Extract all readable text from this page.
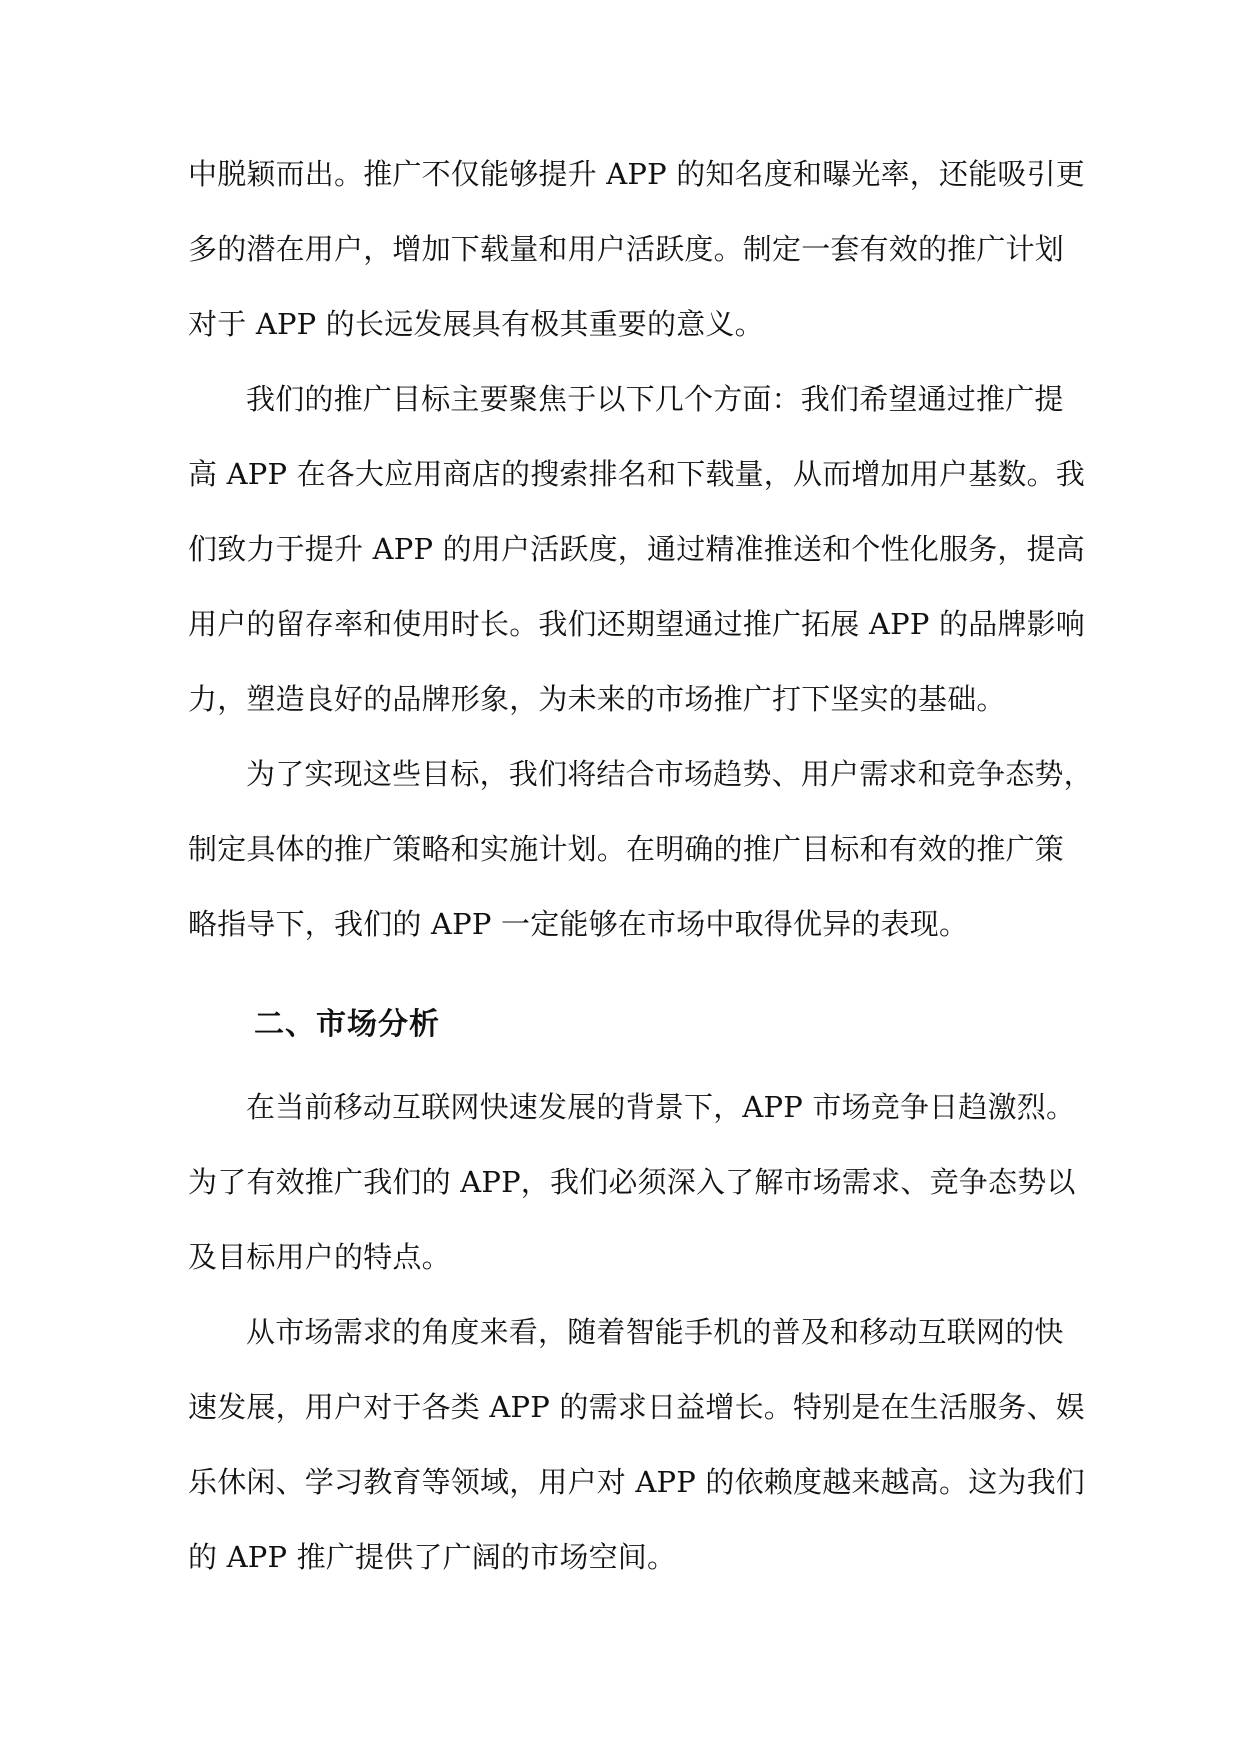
中脱颖而出。推广不仅能够提升 APP 的知名度和曝光率，还能吸引更
多的潜在用户，增加下载量和用户活跃度。制定一套有效的推广计划
对于 APP 的长远发展具有极其重要的意义。

我们的推广目标主要聚焦于以下几个方面：我们希望通过推广提
高 APP 在各大应用商店的搜索排名和下载量，从而增加用户基数。我
们致力于提升 APP 的用户活跃度，通过精准推送和个性化服务，提高
用户的留存率和使用时长。我们还期望通过推广拓展 APP 的品牌影响
力，塑造良好的品牌形象，为未来的市场推广打下坚实的基础。

为了实现这些目标，我们将结合市场趋势、用户需求和竞争态势，
制定具体的推广策略和实施计划。在明确的推广目标和有效的推广策
略指导下，我们的 APP 一定能够在市场中取得优异的表现。

二、市场分析

在当前移动互联网快速发展的背景下，APP 市场竞争日趋激烈。
为了有效推广我们的 APP，我们必须深入了解市场需求、竞争态势以
及目标用户的特点。

从市场需求的角度来看，随着智能手机的普及和移动互联网的快
速发展，用户对于各类 APP 的需求日益增长。特别是在生活服务、娱
乐休闲、学习教育等领域，用户对 APP 的依赖度越来越高。这为我们
的 APP 推广提供了广阔的市场空间。
